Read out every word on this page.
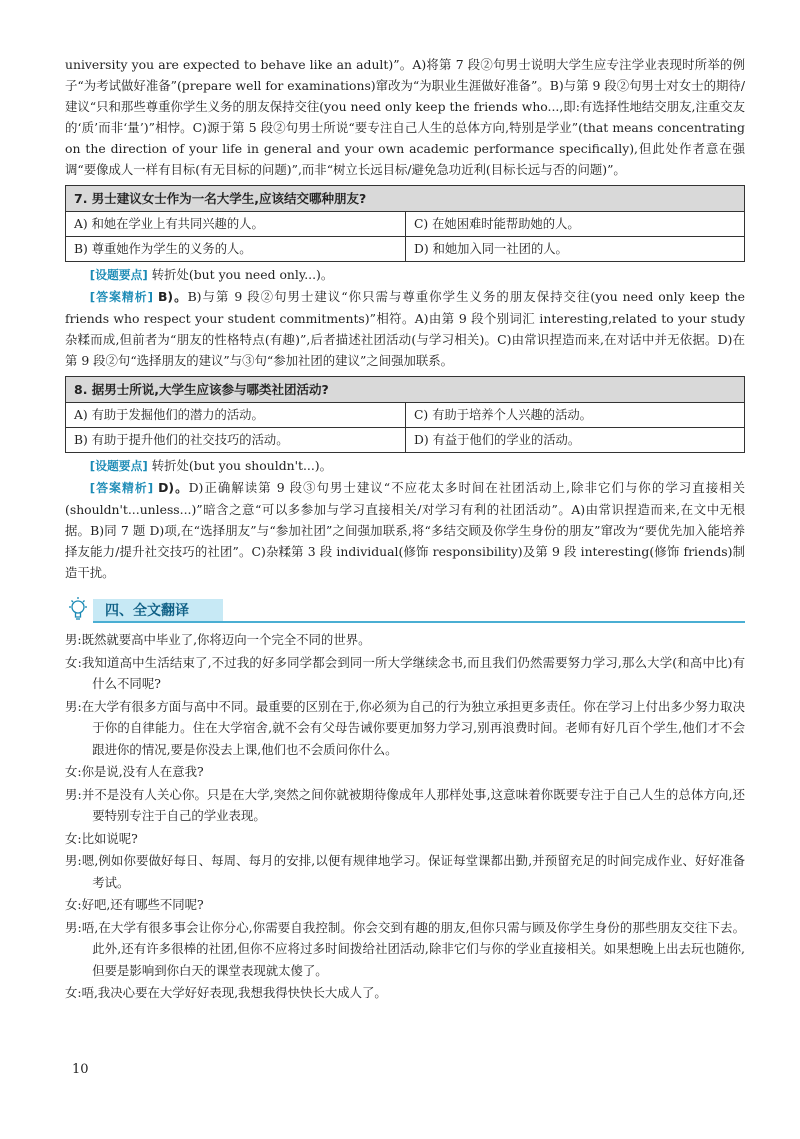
university you are expected to behave like an adult)”。A)将第 7 段②句男士说明大学生应专注学业表现时所举的例子“为考试做好准备”(prepare well for examinations)窜改为“为职业生涯做好准备”。B)与第 9 段②句男士对女士的期待/建议“只和那些尊重你学生义务的朋友保持交往(you need only keep the friends who...,即:有选择性地结交朋友,注重交友的‘质’而非‘量’)”相悖。C)源于第 5 段②句男士所说“要专注自己人生的总体方向,特别是学业”(that means concentrating on the direction of your life in general and your own academic performance specifically),但此处作者意在强调“要像成人一样有目标(有无目标的问题)”,而非“树立长远目标/避免急功近利(目标长远与否的问题)”。

7. 男士建议女士作为一名大学生,应该结交哪种朋友?
A) 和她在学业上有共同兴趣的人。	C) 在她困难时能帮助她的人。
B) 尊重她作为学生的义务的人。	D) 和她加入同一社团的人。

[设题要点] 转折处(but you need only...)。

[答案精析] B)。B)与第 9 段②句男士建议“你只需与尊重你学生义务的朋友保持交往(you need only keep the friends who respect your student commitments)”相符。A)由第 9 段个别词汇 interesting,related to your study 杂糅而成,但前者为“朋友的性格特点(有趣)”,后者描述社团活动(与学习相关)。C)由常识捏造而来,在对话中并无依据。D)在第 9 段②句“选择朋友的建议”与③句“参加社团的建议”之间强加联系。

8. 据男士所说,大学生应该参与哪类社团活动?
A) 有助于发掘他们的潜力的活动。	C) 有助于培养个人兴趣的活动。
B) 有助于提升他们的社交技巧的活动。	D) 有益于他们的学业的活动。

[设题要点] 转折处(but you shouldn't...)。

[答案精析] D)。D)正确解读第 9 段③句男士建议“不应花太多时间在社团活动上,除非它们与你的学习直接相关(shouldn't...unless...)”暗含之意“可以多参加与学习直接相关/对学习有利的社团活动”。A)由常识捏造而来,在文中无根据。B)同 7 题 D)项,在“选择朋友”与“参加社团”之间强加联系,将“多结交顾及你学生身份的朋友”窜改为“要优先加入能培养择友能力/提升社交技巧的社团”。C)杂糅第 3 段 individual(修饰 responsibility)及第 9 段 interesting(修饰 friends)制造干扰。

四、全文翻译

男:既然就要高中毕业了,你将迈向一个完全不同的世界。

女:我知道高中生活结束了,不过我的好多同学都会到同一所大学继续念书,而且我们仍然需要努力学习,那么大学(和高中比)有什么不同呢?

男:在大学有很多方面与高中不同。最重要的区别在于,你必须为自己的行为独立承担更多责任。你在学习上付出多少努力取决于你的自律能力。住在大学宿舍,就不会有父母告诫你要更加努力学习,别再浪费时间。老师有好几百个学生,他们才不会跟进你的情况,要是你没去上课,他们也不会质问你什么。

女:你是说,没有人在意我?

男:并不是没有人关心你。只是在大学,突然之间你就被期待像成年人那样处事,这意味着你既要专注于自己人生的总体方向,还要特别专注于自己的学业表现。

女:比如说呢?

男:嗯,例如你要做好每日、每周、每月的安排,以便有规律地学习。保证每堂课都出勤,并预留充足的时间完成作业、好好准备考试。

女:好吧,还有哪些不同呢?

男:唔,在大学有很多事会让你分心,你需要自我控制。你会交到有趣的朋友,但你只需与顾及你学生身份的那些朋友交往下去。此外,还有许多很棒的社团,但你不应将过多时间拨给社团活动,除非它们与你的学业直接相关。如果想晚上出去玩也随你,但要是影响到你白天的课堂表现就太傻了。

女:唔,我决心要在大学好好表现,我想我得快快长大成人了。

10
